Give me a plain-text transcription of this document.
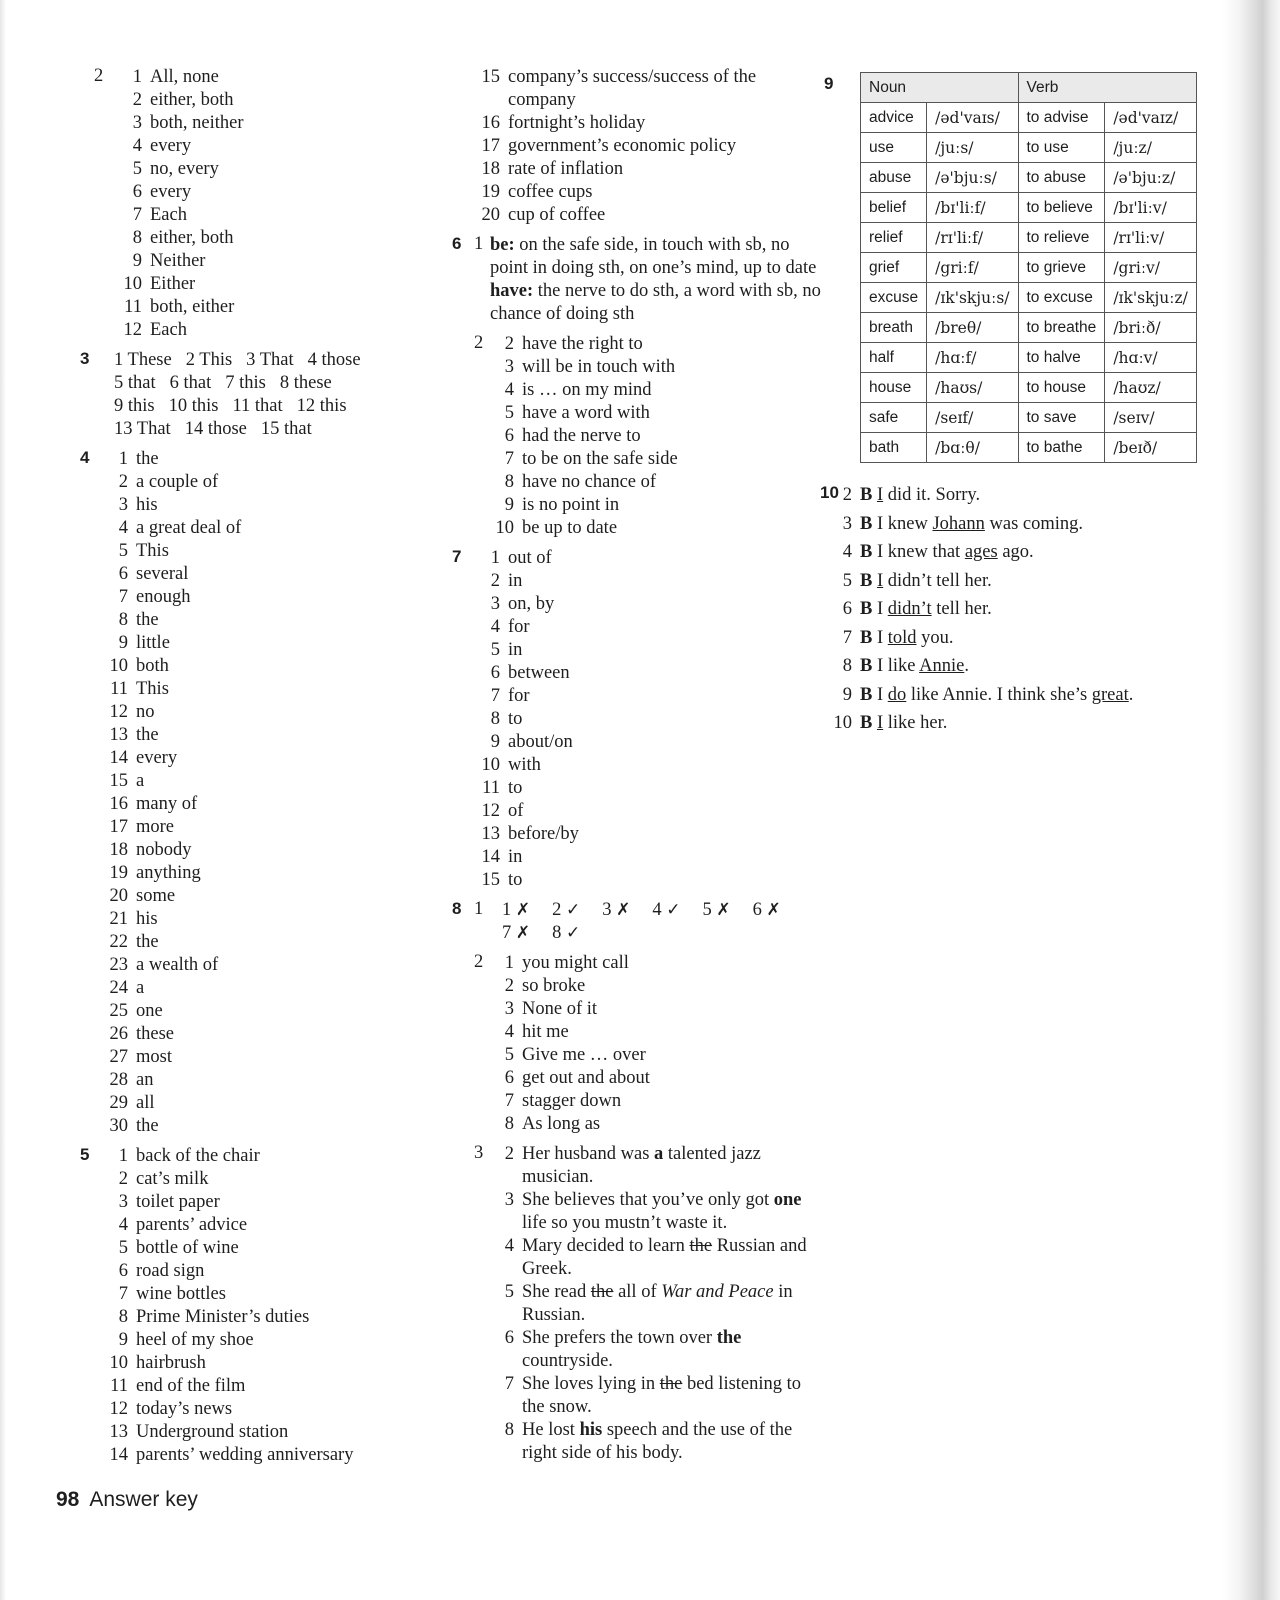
2	1 All, none
2 either, both
3 both, neither
4 every
5 no, every
6 every
7 Each
8 either, both
9 Neither
10 Either
11 both, either
12 Each
3 1 These 2 This 3 That 4 those
5 that 6 that 7 this 8 these
9 this 10 this 11 that 12 this
13 That 14 those 15 that
4	1 the
2 a couple of
3 his
4 a great deal of
5 This
6 several
7 enough
8 the
9 little
10 both
11 This
12 no
13 the
14 every
15 a
16 many of
17 more
18 nobody
19 anything
20 some
21 his
22 the
23 a wealth of
24 a
25 one
26 these
27 most
28 an
29 all
30 the
5	1 back of the chair
2 cat’s milk
3 toilet paper
4 parents’ advice
5 bottle of wine
6 road sign
7 wine bottles
8 Prime Minister’s duties
9 heel of my shoe
10 hairbrush
11 end of the film
12 today’s news
13 Underground station
14 parents’ wedding anniversary
15 company’s success/success of the company
16 fortnight’s holiday
17 government’s economic policy
18 rate of inflation
19 coffee cups
20 cup of coffee
6 1 be: on the safe side, in touch with sb, no point in doing sth, on one’s mind, up to date
have: the nerve to do sth, a word with sb, no chance of doing sth
2	2 have the right to
3 will be in touch with
4 is … on my mind
5 have a word with
6 had the nerve to
7 to be on the safe side
8 have no chance of
9 is no point in
10 be up to date
7	1 out of
2 in
3 on, by
4 for
5 in
6 between
7 for
8 to
9 about/on
10 with
11 to
12 of
13 before/by
14 in
15 to
8 1	1 ✗ 2 ✓ 3 ✗ 4 ✓ 5 ✗ 6 ✗
7 ✗ 8 ✓
2	1 you might call
2 so broke
3 None of it
4 hit me
5 Give me … over
6 get out and about
7 stagger down
8 As long as
3	2 Her husband was a talented jazz musician.
3 She believes that you’ve only got one life so you mustn’t waste it.
4 Mary decided to learn the Russian and Greek.
5 She read the all of War and Peace in Russian.
6 She prefers the town over the countryside.
7 She loves lying in the bed listening to the snow.
8 He lost his speech and the use of the right side of his body.
9 Noun		Verb	
advice	/əd'vaɪs/	to advise	/əd'vaɪz/
use	/juːs/	to use	/juːz/
abuse	/ə'bjuːs/	to abuse	/ə'bjuːz/
belief	/bɪ'liːf/	to believe	/bɪ'liːv/
relief	/rɪ'liːf/	to relieve	/rɪ'liːv/
grief	/griːf/	to grieve	/griːv/
excuse	/ɪk'skjuːs/	to excuse	/ɪk'skjuːz/
breath	/breθ/	to breathe	/briːð/
half	/hɑːf/	to halve	/hɑːv/
house	/haʊs/	to house	/haʊz/
safe	/seɪf/	to save	/seɪv/
bath	/bɑːθ/	to bathe	/beɪð/
10 2 B I did it. Sorry.
3 B I knew Johann was coming.
4 B I knew that ages ago.
5 B I didn’t tell her.
6 B I didn’t tell her.
7 B I told you.
8 B I like Annie.
9 B I do like Annie. I think she’s great.
10 B I like her.
98 Answer key
